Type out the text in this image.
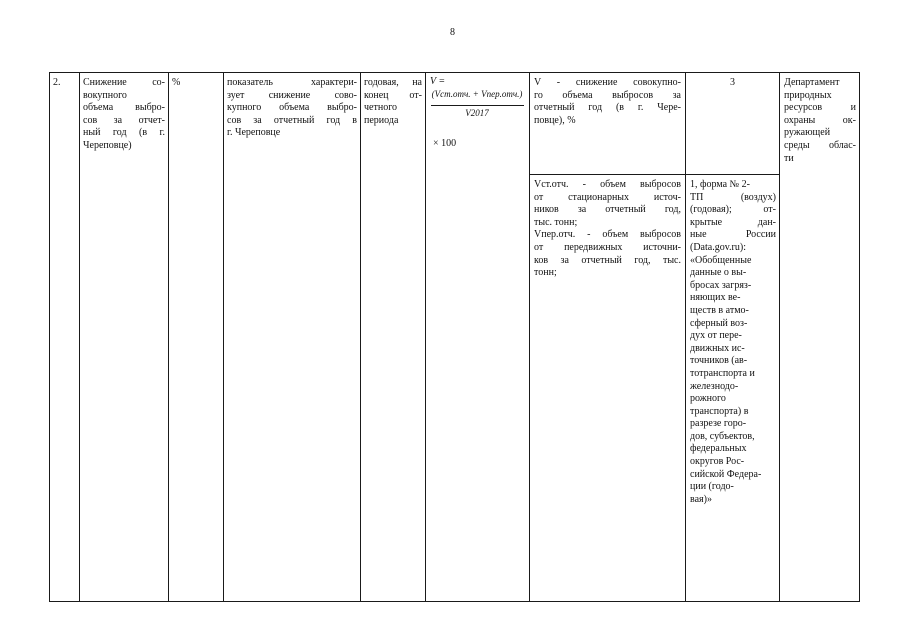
8
2.	Снижение со-
вокупного
объема выбро-
сов за отчет-
ный год (в г.
Череповце)
%	показатель характери-
зует снижение сово-
купного объема выбро-
сов за отчетный год в
г. Череповце
годовая, на
конец от-
четного
периода
V =
(Vст.отч. + Vпер.отч.)
V2017
× 100
V - снижение совокупно-
го объема выбросов за
отчетный год (в г. Чере-
повце), %
Vст.отч. - объем выбросов
от стационарных источ-
ников за отчетный год,
тыс. тонн;
Vпер.отч. - объем выбросов
от передвижных источни-
ков за отчетный год, тыс.
тонн;
3
1, форма № 2-
ТП (воздух)
(годовая); от-
крытые дан-
ные России
(Data.gov.ru):
«Обобщенные
данные о вы-
бросах загряз-
няющих ве-
ществ в атмо-
сферный воз-
дух от пере-
движных ис-
точников (ав-
тотранспорта и
железнодо-
рожного
транспорта) в
разрезе горо-
дов, субъектов,
федеральных
округов Рос-
сийской Федера-
ции (годо-
вая)»
Департамент
природных
ресурсов и
охраны ок-
ружающей
среды облас-
ти
